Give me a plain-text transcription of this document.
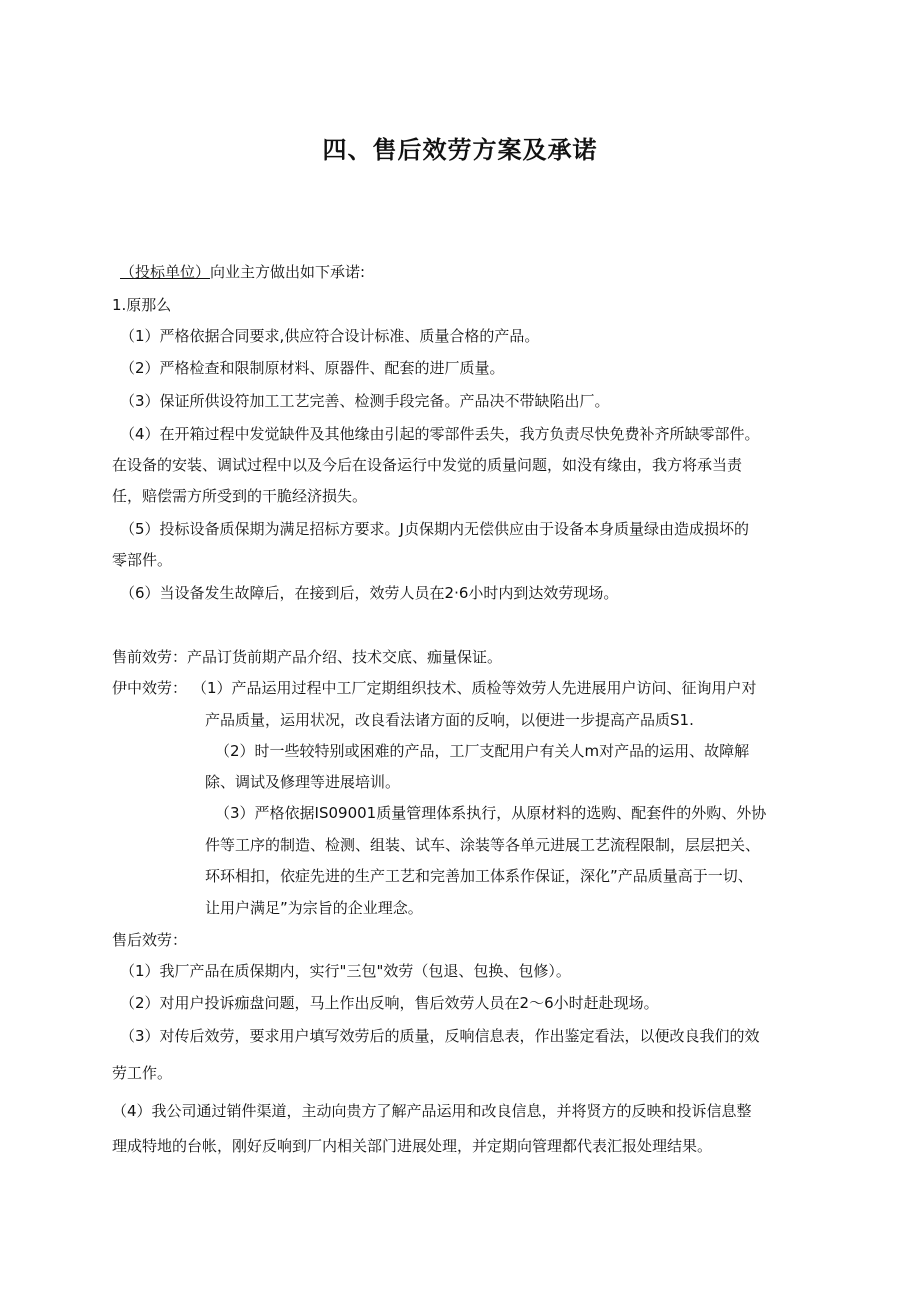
四、售后效劳方案及承诺
（投标单位）向业主方做出如下承诺:
1.原那么
（1）严格依据合同要求,供应符合设计标准、质量合格的产品。
（2）严格检查和限制原材料、原器件、配套的进厂质量。
（3）保证所供设符加工工艺完善、检测手段完备。产品决不带缺陷出厂。
（4）在开箱过程中发觉缺件及其他缘由引起的零部件丢失，我方负责尽快免费补齐所缺零部件。
在设备的安装、调试过程中以及今后在设备运行中发觉的质量问题，如没有缘由，我方将承当责
任，赔偿需方所受到的干脆经济损失。
（5）投标设备质保期为满足招标方要求。J贞保期内无偿供应由于设备本身质量绿由造成损坏的
零部件。
（6）当设备发生故障后，在接到后，效劳人员在2·6小时内到达效劳现场。
售前效劳：产品订货前期产品介绍、技术交底、痂量保证。
伊中效劳： （1）产品运用过程中工厂定期组织技术、质检等效劳人先进展用户访问、征询用户对
产品质量，运用状况，改良看法诸方面的反响，以便进一步提高产品质S1.
（2）时一些较特别或困难的产品，工厂支配用户有关人m对产品的运用、故障解
除、调试及修理等进展培训。
（3）严格依据IS09001质量管理体系执行，从原材料的选购、配套件的外购、外协
件等工序的制造、检测、组装、试车、涂装等各单元进展工艺流程限制，层层把关、
环环相扣，依症先进的生产工艺和完善加工体系作保证，深化”产品质量高于一切、
让用户满足”为宗旨的企业理念。
售后效劳：
（1）我厂产品在质保期内，实行"三包"效劳（包退、包换、包修）。
（2）对用户投诉痂盘问题，马上作出反响，售后效劳人员在2〜6小时赶赴现场。
（3）对传后效劳，要求用户填写效劳后的质量，反响信息表，作出鉴定看法，以便改良我们的效
劳工作。
（4）我公司通过销件渠道，主动向贵方了解产品运用和改良信息，并将贤方的反映和投诉信息整
理成特地的台帐，刚好反响到厂内相关部门进展处理，并定期向管理都代表汇报处理结果。
